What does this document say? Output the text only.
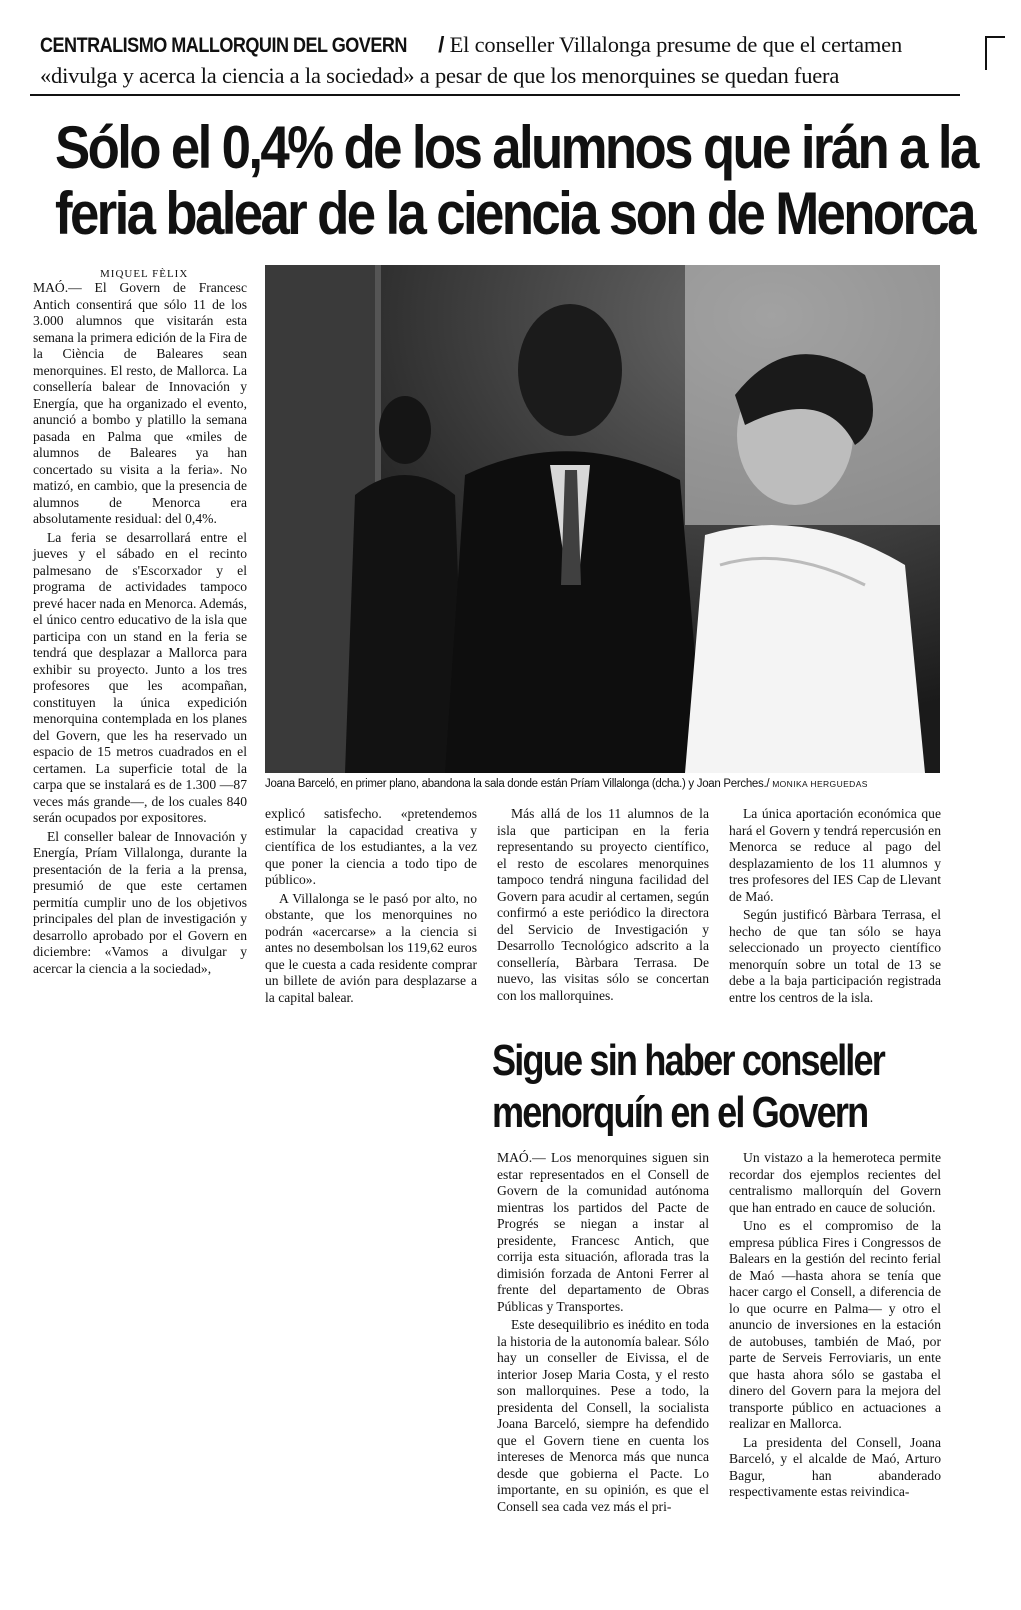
CENTRALISMO MALLORQUIN DEL GOVERN / El conseller Villalonga presume de que el certamen «divulga y acerca la ciencia a la sociedad» a pesar de que los menorquines se quedan fuera
Sólo el 0,4% de los alumnos que irán a la
feria balear de la ciencia son de Menorca
MIQUEL FÈLIX

MAÓ.— El Govern de Francesc Antich consentirá que sólo 11 de los 3.000 alumnos que visitarán esta semana la primera edición de la Fira de la Ciència de Baleares sean menorquines. El resto, de Mallorca. La consellería balear de Innovación y Energía, que ha organizado el evento, anunció a bombo y platillo la semana pasada en Palma que «miles de alumnos de Baleares ya han concertado su visita a la feria». No matizó, en cambio, que la presencia de alumnos de Menorca era absolutamente residual: del 0,4%.

La feria se desarrollará entre el jueves y el sábado en el recinto palmesano de s'Escorxador y el programa de actividades tampoco prevé hacer nada en Menorca. Además, el único centro educativo de la isla que participa con un stand en la feria se tendrá que desplazar a Mallorca para exhibir su proyecto. Junto a los tres profesores que les acompañan, constituyen la única expedición menorquina contemplada en los planes del Govern, que les ha reservado un espacio de 15 metros cuadrados en el certamen. La superficie total de la carpa que se instalará es de 1.300 —87 veces más grande—, de los cuales 840 serán ocupados por expositores.

El conseller balear de Innovación y Energía, Príam Villalonga, durante la presentación de la feria a la prensa, presumió de que este certamen permitía cumplir uno de los objetivos principales del plan de investigación y desarrollo aprobado por el Govern en diciembre: «Vamos a divulgar y acercar la ciencia a la sociedad»,

Joana Barceló, en primer plano, abandona la sala donde están Príam Villalonga (dcha.) y Joan Perches./ MONIKA HERGUEDAS

explicó satisfecho. «pretendemos estimular la capacidad creativa y científica de los estudiantes, a la vez que poner la ciencia a todo tipo de público».

A Villalonga se le pasó por alto, no obstante, que los menorquines no podrán «acercarse» a la ciencia si antes no desembolsan los 119,62 euros que le cuesta a cada residente comprar un billete de avión para desplazarse a la capital balear.

Más allá de los 11 alumnos de la isla que participan en la feria representando su proyecto científico, el resto de escolares menorquines tampoco tendrá ninguna facilidad del Govern para acudir al certamen, según confirmó a este periódico la directora del Servicio de Investigación y Desarrollo Tecnológico adscrito a la consellería, Bàrbara Terrasa. De nuevo, las visitas sólo se concertan con los mallorquines.

La única aportación económica que hará el Govern y tendrá repercusión en Menorca se reduce al pago del desplazamiento de los 11 alumnos y tres profesores del IES Cap de Llevant de Maó.

Según justificó Bàrbara Terrasa, el hecho de que tan sólo se haya seleccionado un proyecto científico menorquín sobre un total de 13 se debe a la baja participación registrada entre los centros de la isla.

Sigue sin haber conseller
menorquín en el Govern

MAÓ.— Los menorquines siguen sin estar representados en el Consell de Govern de la comunidad autónoma mientras los partidos del Pacte de Progrés se niegan a instar al presidente, Francesc Antich, que corrija esta situación, aflorada tras la dimisión forzada de Antoni Ferrer al frente del departamento de Obras Públicas y Transportes.

Este desequilibrio es inédito en toda la historia de la autonomía balear. Sólo hay un conseller de Eivissa, el de interior Josep Maria Costa, y el resto son mallorquines. Pese a todo, la presidenta del Consell, la socialista Joana Barceló, siempre ha defendido que el Govern tiene en cuenta los intereses de Menorca más que nunca desde que gobierna el Pacte. Lo importante, en su opinión, es que el Consell sea cada vez más el pri-

Un vistazo a la hemeroteca permite recordar dos ejemplos recientes del centralismo mallorquín del Govern que han entrado en cauce de solución.

Uno es el compromiso de la empresa pública Fires i Congressos de Balears en la gestión del recinto ferial de Maó —hasta ahora se tenía que hacer cargo el Consell, a diferencia de lo que ocurre en Palma— y otro el anuncio de inversiones en la estación de autobuses, también de Maó, por parte de Serveis Ferroviaris, un ente que hasta ahora sólo se gastaba el dinero del Govern para la mejora del transporte público en actuaciones a realizar en Mallorca.

La presidenta del Consell, Joana Barceló, y el alcalde de Maó, Arturo Bagur, han abanderado respectivamente estas reivindica-
